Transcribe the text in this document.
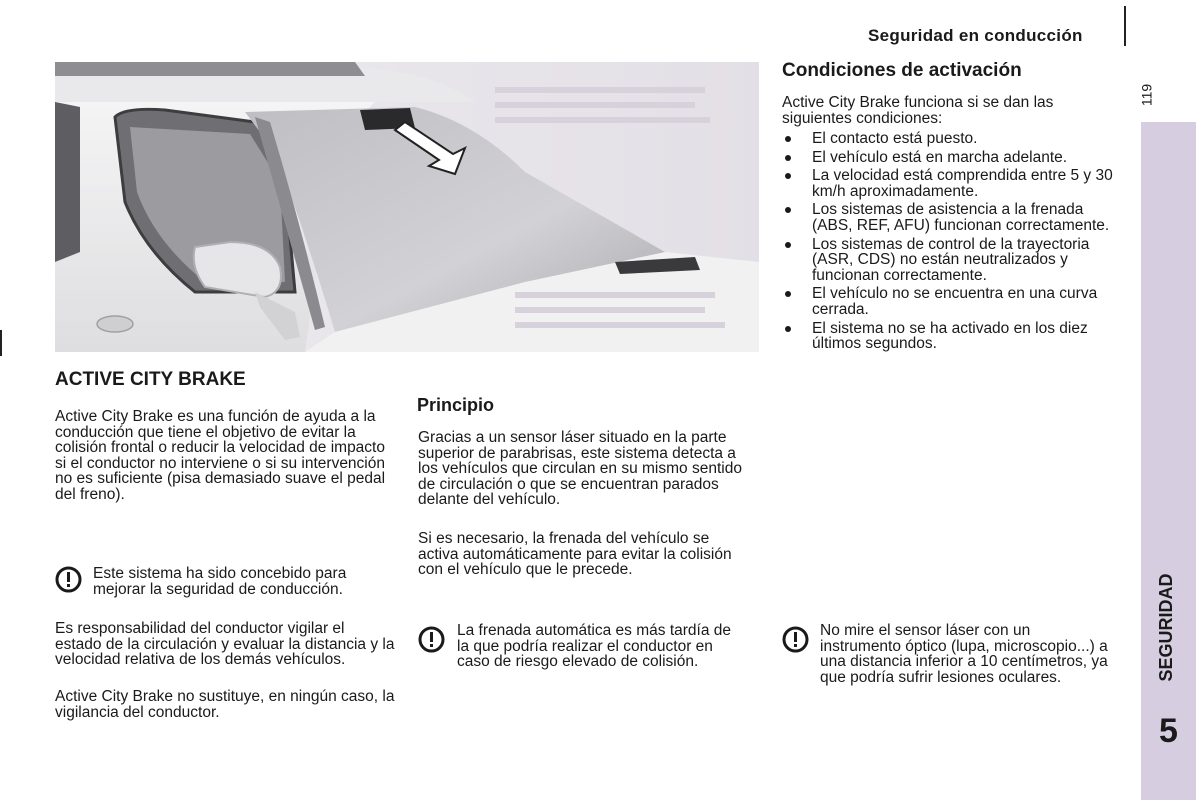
Seguridad en conducción
ACTIVE CITY BRAKE

Active City Brake es una función de ayuda a la conducción que tiene el objetivo de evitar la colisión frontal o reducir la velocidad de impacto si el conductor no interviene o si su intervención no es suficiente (pisa demasiado suave el pedal del freno).

Este sistema ha sido concebido para mejorar la seguridad de conducción.

Es responsabilidad del conductor vigilar el estado de la circulación y evaluar la distancia y la velocidad relativa de los demás vehículos.

Active City Brake no sustituye, en ningún caso, la vigilancia del conductor.

Principio

Gracias a un sensor láser situado en la parte superior de parabrisas, este sistema detecta a los vehículos que circulan en su mismo sentido de circulación o que se encuentran parados delante del vehículo.

Si es necesario, la frenada del vehículo se activa automáticamente para evitar la colisión con el vehículo que le precede.

La frenada automática es más tardía de la que podría realizar el conductor en caso de riesgo elevado de colisión.
Condiciones de activación

Active City Brake funciona si se dan las siguientes condiciones:

El contacto está puesto.
El vehículo está en marcha adelante.
La velocidad está comprendida entre 5 y 30 km/h aproximadamente.
Los sistemas de asistencia a la frenada (ABS, REF, AFU) funcionan correctamente.
Los sistemas de control de la trayectoria (ASR, CDS) no están neutralizados y funcionan correctamente.
El vehículo no se encuentra en una curva cerrada.
El sistema no se ha activado en los diez últimos segundos.
No mire el sensor láser con un instrumento óptico (lupa, microscopio...) a una distancia inferior a 10 centímetros, ya que podría sufrir lesiones oculares.
119
SEGURIDAD
5
